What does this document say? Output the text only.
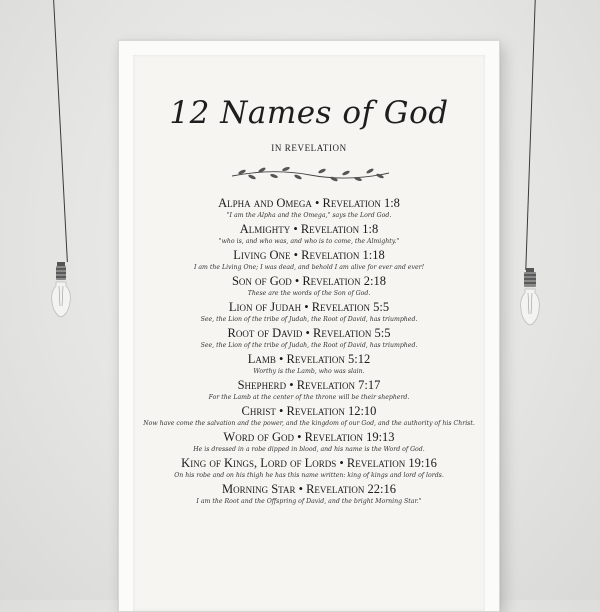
12 Names of God
IN REVELATION
Alpha and Omega • Revelation 1:8
"I am the Alpha and the Omega," says the Lord God.
Almighty • Revelation 1:8
"who is, and who was, and who is to come, the Almighty."
Living One • Revelation 1:18
I am the Living One; I was dead, and behold I am alive for ever and ever!
Son of God • Revelation 2:18
These are the words of the Son of God.
Lion of Judah • Revelation 5:5
See, the Lion of the tribe of Judah, the Root of David, has triumphed.
Root of David • Revelation 5:5
See, the Lion of the tribe of Judah, the Root of David, has triumphed.
Lamb • Revelation 5:12
Worthy is the Lamb, who was slain.
Shepherd • Revelation 7:17
For the Lamb at the center of the throne will be their shepherd.
Christ • Revelation 12:10
Now have come the salvation and the power, and the kingdom of our God, and the authority of his Christ.
Word of God • Revelation 19:13
He is dressed in a robe dipped in blood, and his name is the Word of God.
King of Kings, Lord of Lords • Revelation 19:16
On his robe and on his thigh he has this name written: king of kings and lord of lords.
Morning Star • Revelation 22:16
I am the Root and the Offspring of David, and the bright Morning Star."
